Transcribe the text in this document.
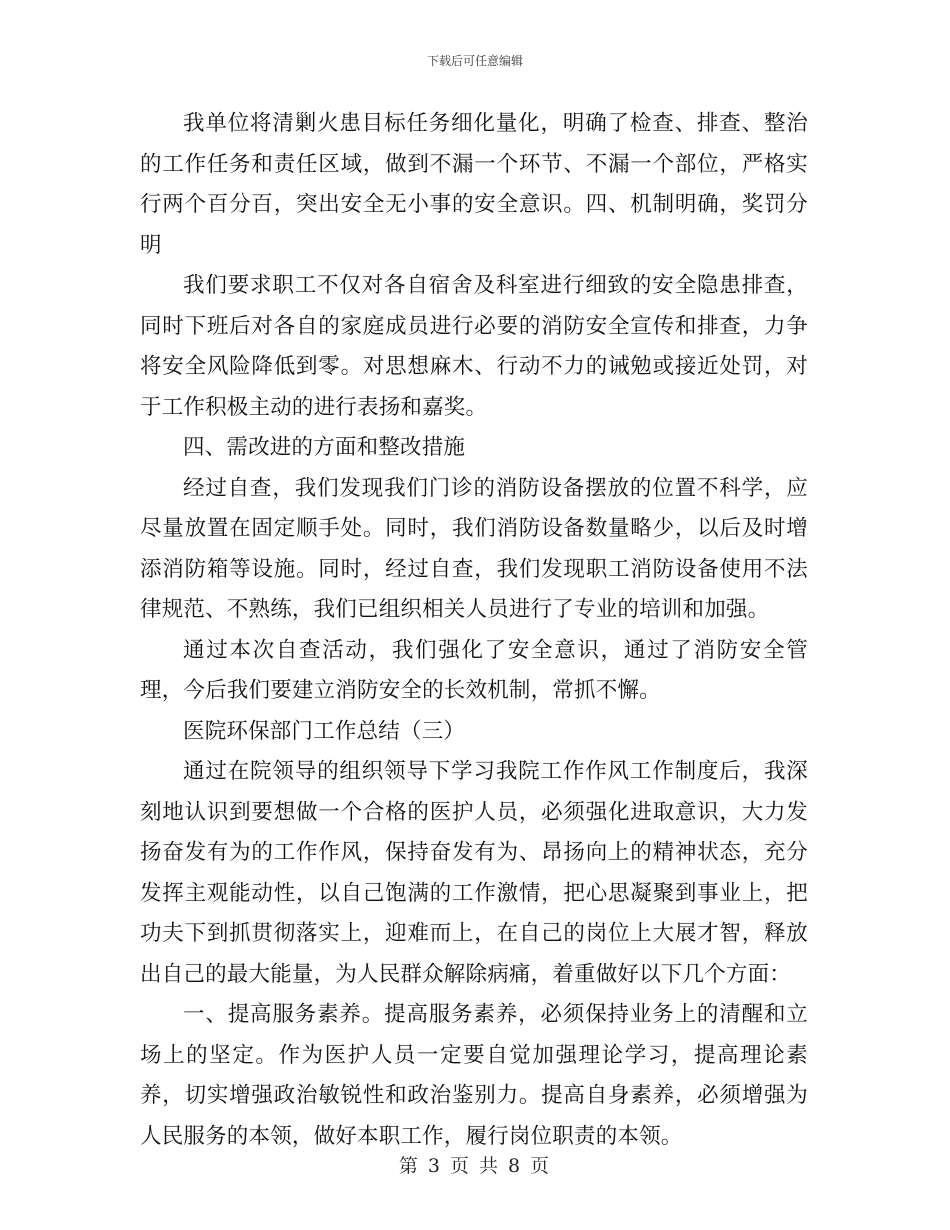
下载后可任意编辑

我单位将清剿火患目标任务细化量化，明确了检查、排查、整治的工作任务和责任区域，做到不漏一个环节、不漏一个部位，严格实行两个百分百，突出安全无小事的安全意识。四、机制明确，奖罚分明

我们要求职工不仅对各自宿舍及科室进行细致的安全隐患排查，同时下班后对各自的家庭成员进行必要的消防安全宣传和排查，力争将安全风险降低到零。对思想麻木、行动不力的诫勉或接近处罚，对于工作积极主动的进行表扬和嘉奖。

四、需改进的方面和整改措施

经过自查，我们发现我们门诊的消防设备摆放的位置不科学，应尽量放置在固定顺手处。同时，我们消防设备数量略少，以后及时增添消防箱等设施。同时，经过自查，我们发现职工消防设备使用不法律规范、不熟练，我们已组织相关人员进行了专业的培训和加强。

通过本次自查活动，我们强化了安全意识，通过了消防安全管理，今后我们要建立消防安全的长效机制，常抓不懈。

医院环保部门工作总结（三）

通过在院领导的组织领导下学习我院工作作风工作制度后，我深刻地认识到要想做一个合格的医护人员，必须强化进取意识，大力发扬奋发有为的工作作风，保持奋发有为、昂扬向上的精神状态，充分发挥主观能动性，以自己饱满的工作激情，把心思凝聚到事业上，把功夫下到抓贯彻落实上，迎难而上，在自己的岗位上大展才智，释放出自己的最大能量，为人民群众解除病痛，着重做好以下几个方面：

一、提高服务素养。提高服务素养，必须保持业务上的清醒和立场上的坚定。作为医护人员一定要自觉加强理论学习，提高理论素养，切实增强政治敏锐性和政治鉴别力。提高自身素养，必须增强为人民服务的本领，做好本职工作，履行岗位职责的本领。

第 3 页 共 8 页
